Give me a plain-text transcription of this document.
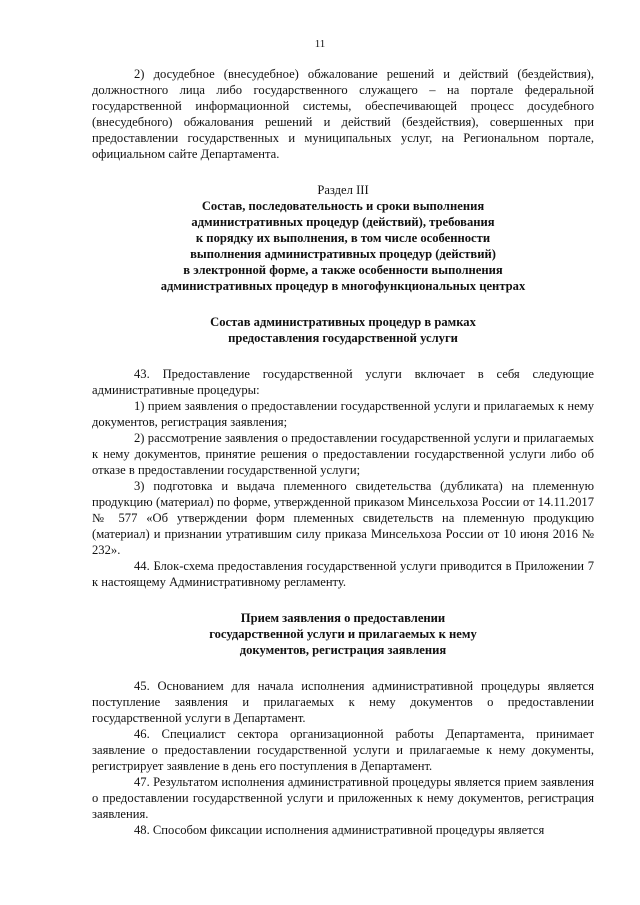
11

2) досудебное (внесудебное) обжалование решений и действий (бездействия), должностного лица либо государственного служащего – на портале федеральной государственной информационной системы, обеспечивающей процесс досудебного (внесудебного) обжалования решений и действий (бездействия), совершенных при предоставлении государственных и муниципальных услуг, на Региональном портале, официальном сайте Департамента.

Раздел III

Состав, последовательность и сроки выполнения

административных процедур (действий), требования

к порядку их выполнения, в том числе особенности

выполнения административных процедур (действий)

в электронной форме, а также особенности выполнения

административных процедур в многофункциональных центрах

Состав административных процедур в рамках

предоставления государственной услуги

43. Предоставление государственной услуги включает в себя следующие административные процедуры:

1) прием заявления о предоставлении государственной услуги и прилагаемых к нему документов, регистрация заявления;

2) рассмотрение заявления о предоставлении государственной услуги и прилагаемых к нему документов, принятие решения о предоставлении государственной услуги либо об отказе в предоставлении государственной услуги;

3) подготовка и выдача племенного свидетельства (дубликата) на племенную продукцию (материал) по форме, утвержденной приказом Минсельхоза России от 14.11.2017 № 577 «Об утверждении форм племенных свидетельств на племенную продукцию (материал) и признании утратившим силу приказа Минсельхоза России от 10 июня 2016 № 232».

44. Блок-схема предоставления государственной услуги приводится в Приложении 7 к настоящему Административному регламенту.

Прием заявления о предоставлении

государственной услуги и прилагаемых к нему

документов, регистрация заявления

45. Основанием для начала исполнения административной процедуры является поступление заявления и прилагаемых к нему документов о предоставлении государственной услуги в Департамент.

46. Специалист сектора организационной работы Департамента, принимает заявление о предоставлении государственной услуги и прилагаемые к нему документы, регистрирует заявление в день его поступления в Департамент.

47. Результатом исполнения административной процедуры является прием заявления о предоставлении государственной услуги и приложенных к нему документов, регистрация заявления.

48. Способом фиксации исполнения административной процедуры является
